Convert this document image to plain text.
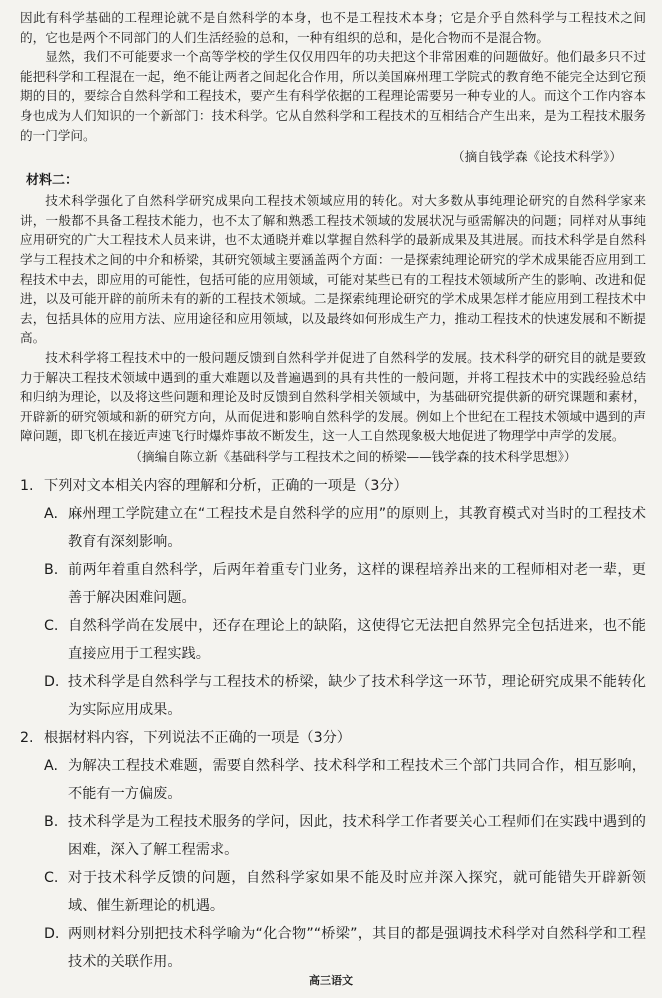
因此有科学基础的工程理论就不是自然科学的本身，也不是工程技术本身；它是介乎自然科学与工程技术之间的，它也是两个不同部门的人们生活经验的总和，一种有组织的总和，是化合物而不是混合物。

显然，我们不可能要求一个高等学校的学生仅仅用四年的功夫把这个非常困难的问题做好。他们最多只不过能把科学和工程混在一起，绝不能让两者之间起化合作用，所以美国麻州理工学院式的教育绝不能完全达到它预期的目的，要综合自然科学和工程技术，要产生有科学依据的工程理论需要另一种专业的人。而这个工作内容本身也成为人们知识的一个新部门：技术科学。它从自然科学和工程技术的互相结合产生出来，是为工程技术服务的一门学问。

（摘自钱学森《论技术科学》）

材料二：

技术科学强化了自然科学研究成果向工程技术领域应用的转化。对大多数从事纯理论研究的自然科学家来讲，一般都不具备工程技术能力，也不太了解和熟悉工程技术领域的发展状况与亟需解决的问题；同样对从事纯应用研究的广大工程技术人员来讲，也不太通晓并难以掌握自然科学的最新成果及其进展。而技术科学是自然科学与工程技术之间的中介和桥梁，其研究领域主要涵盖两个方面：一是探索纯理论研究的学术成果能否应用到工程技术中去，即应用的可能性，包括可能的应用领域，可能对某些已有的工程技术领域所产生的影响、改进和促进，以及可能开辟的前所未有的新的工程技术领域。二是探索纯理论研究的学术成果怎样才能应用到工程技术中去，包括具体的应用方法、应用途径和应用领域，以及最终如何形成生产力，推动工程技术的快速发展和不断提高。

技术科学将工程技术中的一般问题反馈到自然科学并促进了自然科学的发展。技术科学的研究目的就是要致力于解决工程技术领域中遇到的重大难题以及普遍遇到的具有共性的一般问题，并将工程技术中的实践经验总结和归纳为理论，以及将这些问题和理论及时反馈到自然科学相关领域中，为基础研究提供新的研究课题和素材，开辟新的研究领域和新的研究方向，从而促进和影响自然科学的发展。例如上个世纪在工程技术领域中遇到的声障问题，即飞机在接近声速飞行时爆炸事故不断发生，这一人工自然现象极大地促进了物理学中声学的发展。

（摘编自陈立新《基础科学与工程技术之间的桥梁——钱学森的技术科学思想》）

1. 下列对文本相关内容的理解和分析，正确的一项是（3分）
A. 麻州理工学院建立在“工程技术是自然科学的应用”的原则上，其教育模式对当时的工程技术教育有深刻影响。
B. 前两年着重自然科学，后两年着重专门业务，这样的课程培养出来的工程师相对老一辈，更善于解决困难问题。
C. 自然科学尚在发展中，还存在理论上的缺陷，这使得它无法把自然界完全包括进来，也不能直接应用于工程实践。
D. 技术科学是自然科学与工程技术的桥梁，缺少了技术科学这一环节，理论研究成果不能转化为实际应用成果。
2. 根据材料内容，下列说法不正确的一项是（3分）
A. 为解决工程技术难题，需要自然科学、技术科学和工程技术三个部门共同合作，相互影响，不能有一方偏废。
B. 技术科学是为工程技术服务的学问，因此，技术科学工作者要关心工程师们在实践中遇到的困难，深入了解工程需求。
C. 对于技术科学反馈的问题，自然科学家如果不能及时应并深入探究，就可能错失开辟新领域、催生新理论的机遇。
D. 两则材料分别把技术科学喻为“化合物”“桥梁”，其目的都是强调技术科学对自然科学和工程技术的关联作用。
高三语文
